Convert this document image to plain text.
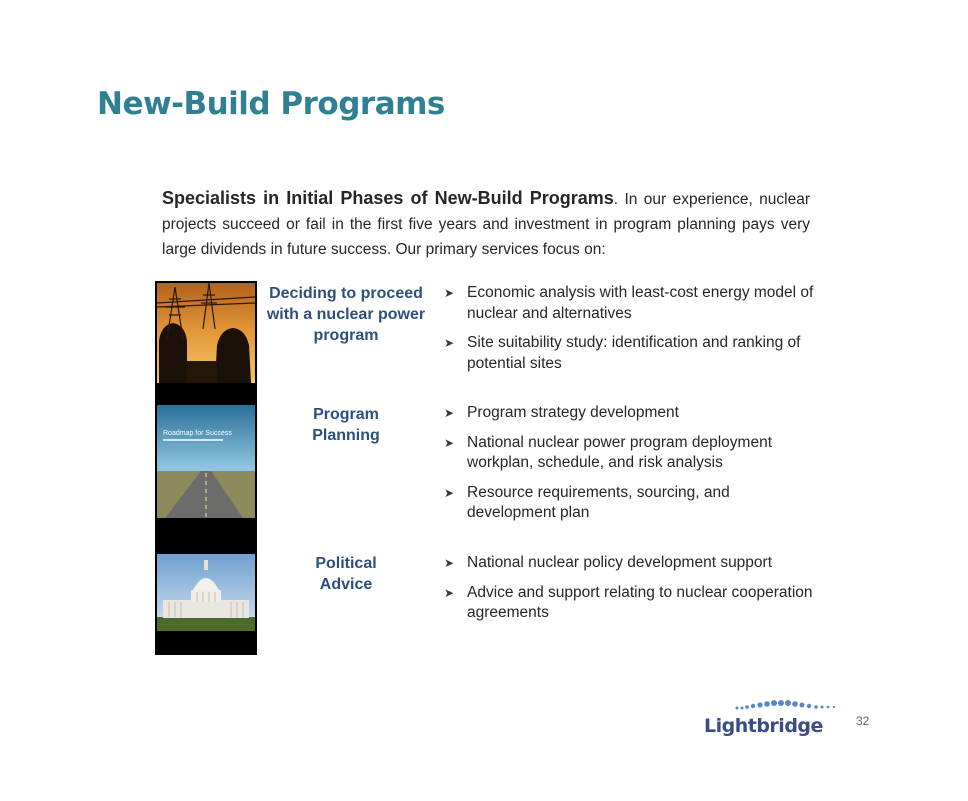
New-Build Programs

Specialists in Initial Phases of New-Build Programs. In our experience, nuclear projects succeed or fail in the first five years and investment in program planning pays very large dividends in future success. Our primary services focus on:

Roadmap for Success

Deciding to proceed with a nuclear power program

➤ Economic analysis with least-cost energy model of nuclear and alternatives
➤ Site suitability study: identification and ranking of potential sites

Program Planning

➤ Program strategy development
➤ National nuclear power program deployment workplan, schedule, and risk analysis
➤ Resource requirements, sourcing, and development plan

Political Advice

➤ National nuclear policy development support
➤ Advice and support relating to nuclear cooperation agreements
Lightbridge	32
